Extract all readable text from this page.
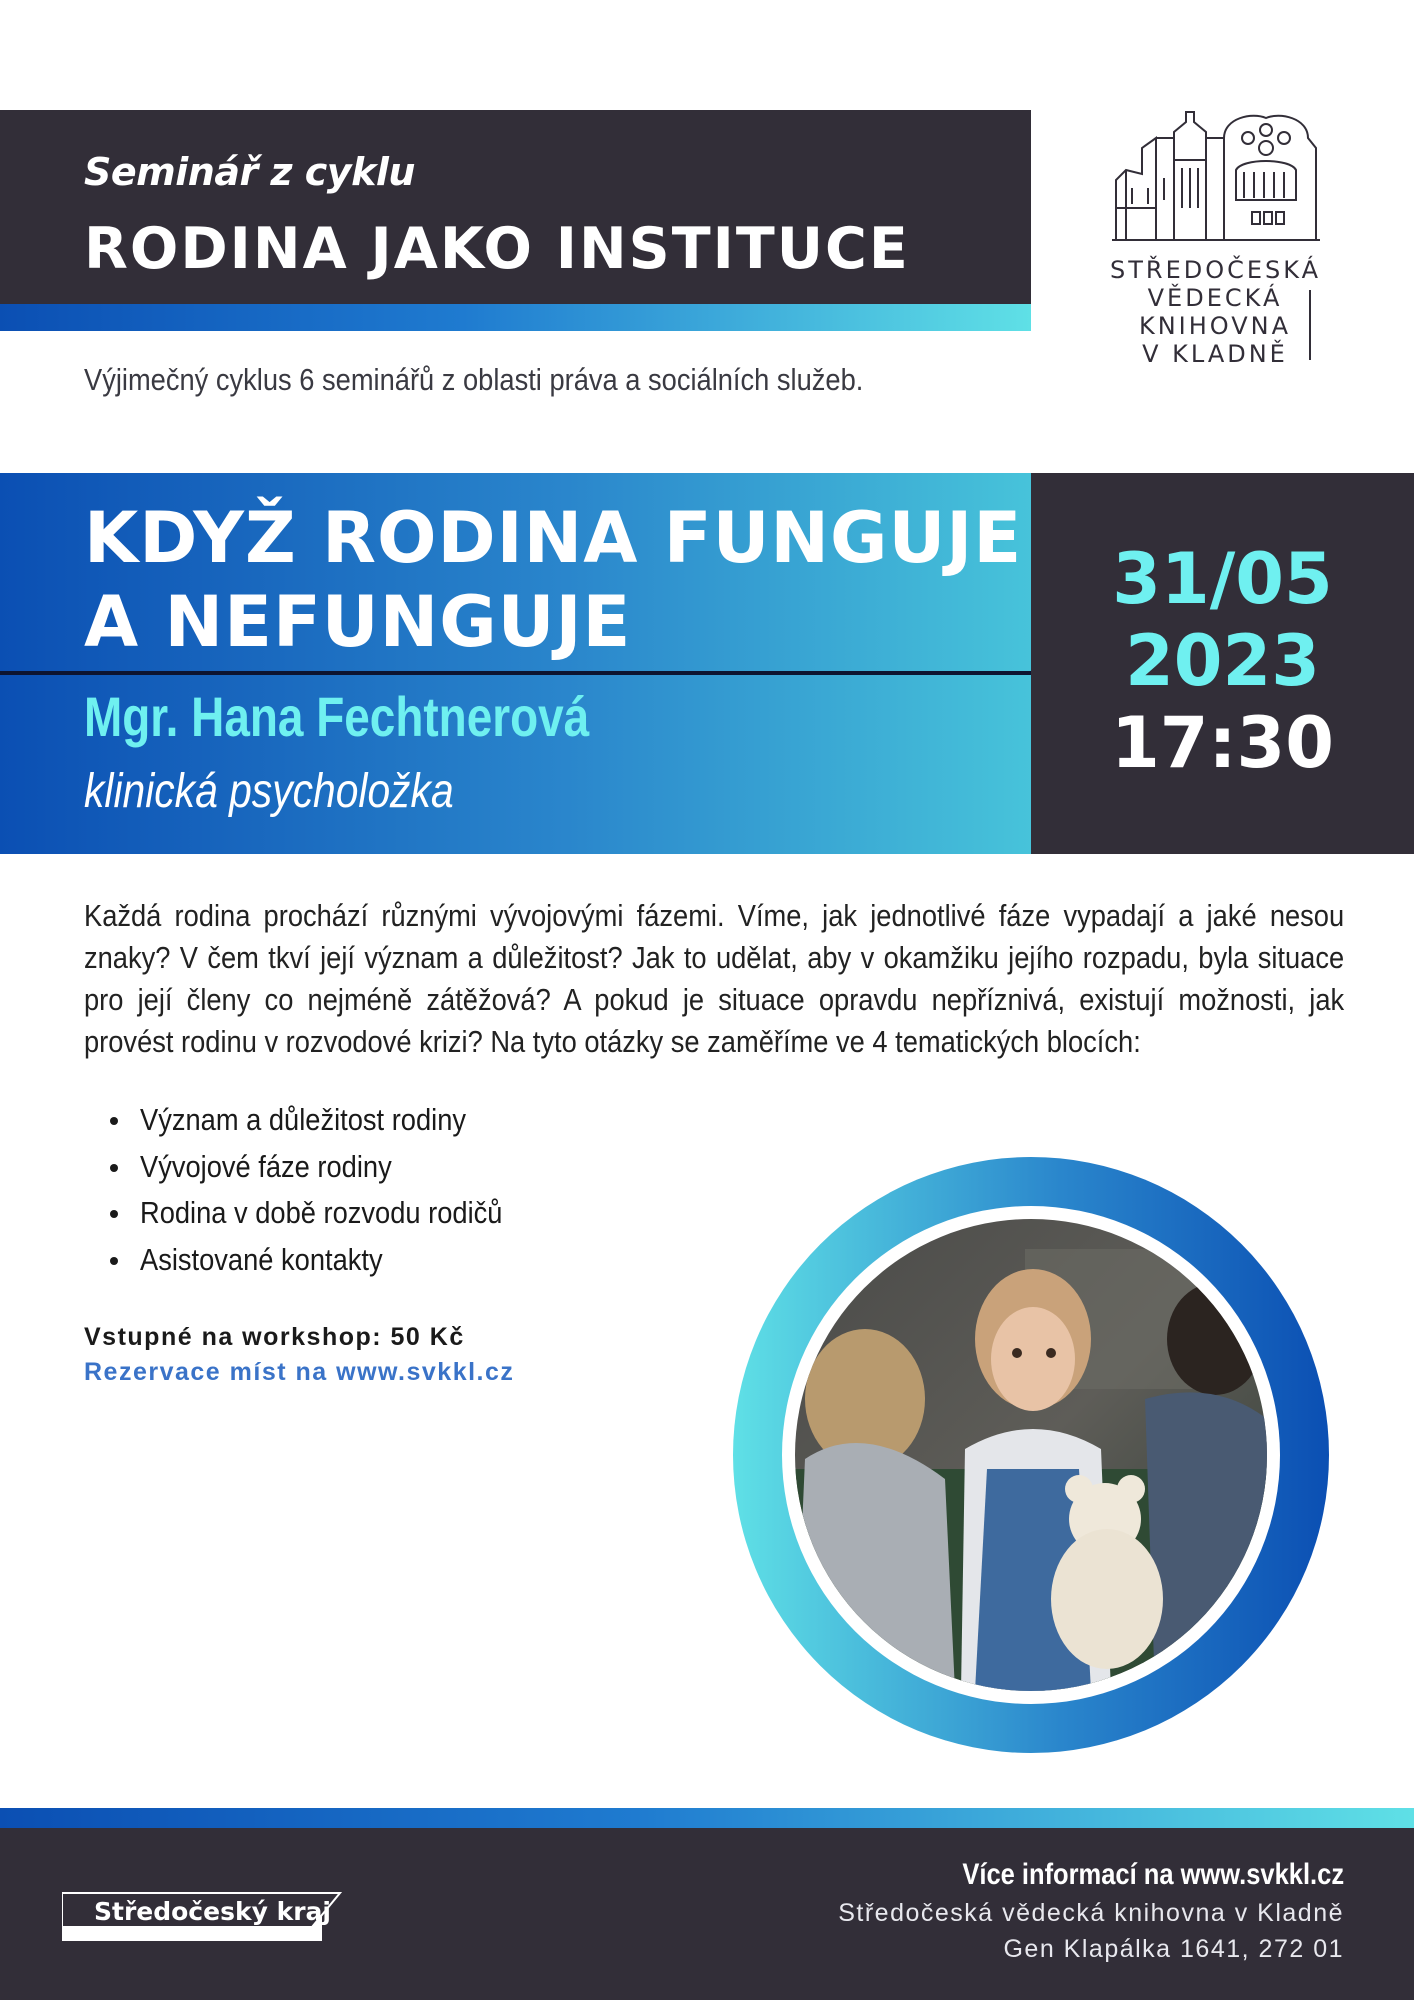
Seminář z cyklu
RODINA JAKO INSTITUCE
Výjimečný cyklus 6 seminářů z oblasti práva a sociálních služeb.
STŘEDOČESKÁ
VĚDECKÁ
KNIHOVNA
V KLADNĚ
KDYŽ RODINA FUNGUJE
A NEFUNGUJE
Mgr. Hana Fechtnerová
klinická psycholožka
31/05
2023
17:30
Každá rodina prochází různými vývojovými fázemi. Víme, jak jednotlivé fáze vypadají a jaké nesou znaky? V čem tkví její význam a důležitost? Jak to udělat, aby v okamžiku jejího rozpadu, byla situace pro její členy co nejméně zátěžová? A pokud je situace opravdu nepříznivá, existují možnosti, jak provést rodinu v rozvodové krizi? Na tyto otázky se zaměříme ve 4 tematických blocích:
Význam a důležitost rodiny
Vývojové fáze rodiny
Rodina v době rozvodu rodičů
Asistované kontakty
Vstupné na workshop: 50 Kč
Rezervace míst na www.svkkl.cz
Středočeský kraj
Více informací na www.svkkl.cz
Středočeská vědecká knihovna v Kladně
Gen Klapálka 1641, 272 01
